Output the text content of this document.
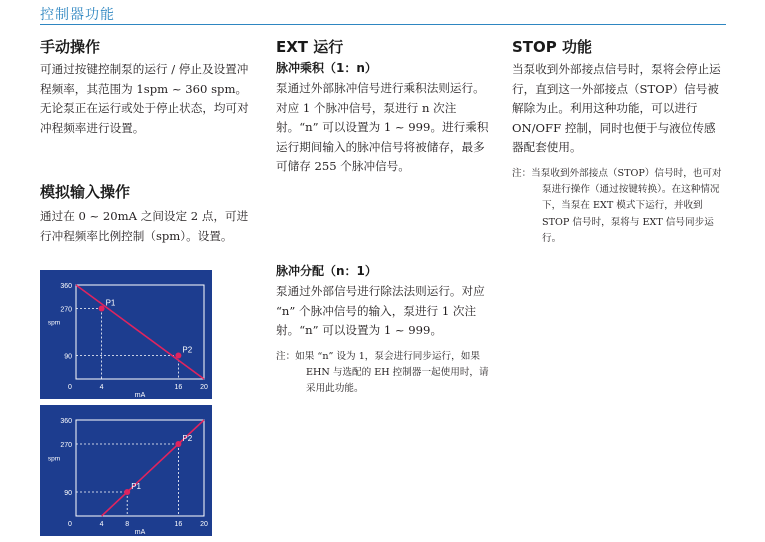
控制器功能
手动操作

可通过按键控制泵的运行 / 停止及设置冲程频率，其范围为 1spm ~ 360 spm。无论泵正在运行或处于停止状态，均可对冲程频率进行设置。

模拟输入操作

通过在 0 ~ 20mA 之间设定 2 点，可进行冲程频率比例控制（spm）。设置。

P1
P2
360
270
90
0	4	16	20
spm
mA
P1
P2
360
270
90
0	4	8	16	20
spm
mA
EXT 运行
脉冲乘积（1：n）

泵通过外部脉冲信号进行乘积法则运行。对应 1 个脉冲信号，泵进行 n 次注射。“n” 可以设置为 1 ~ 999。进行乘积运行期间输入的脉冲信号将被储存，最多可储存 255 个脉冲信号。

脉冲分配（n：1）

泵通过外部信号进行除法法则运行。对应 “n” 个脉冲信号的输入，泵进行 1 次注射。“n” 可以设置为 1 ~ 999。

注：如果 “n” 设为 1，泵会进行同步运行，如果 EHN 与选配的 EH 控制器一起使用时，请采用此功能。

STOP 功能

当泵收到外部接点信号时，泵将会停止运行，直到这一外部接点（STOP）信号被解除为止。利用这种功能，可以进行 ON/OFF 控制，同时也便于与液位传感器配套使用。

注：当泵收到外部接点（STOP）信号时，也可对泵进行操作（通过按键转换）。在这种情况下，当泵在 EXT 模式下运行，并收到 STOP 信号时，泵将与 EXT 信号同步运行。
